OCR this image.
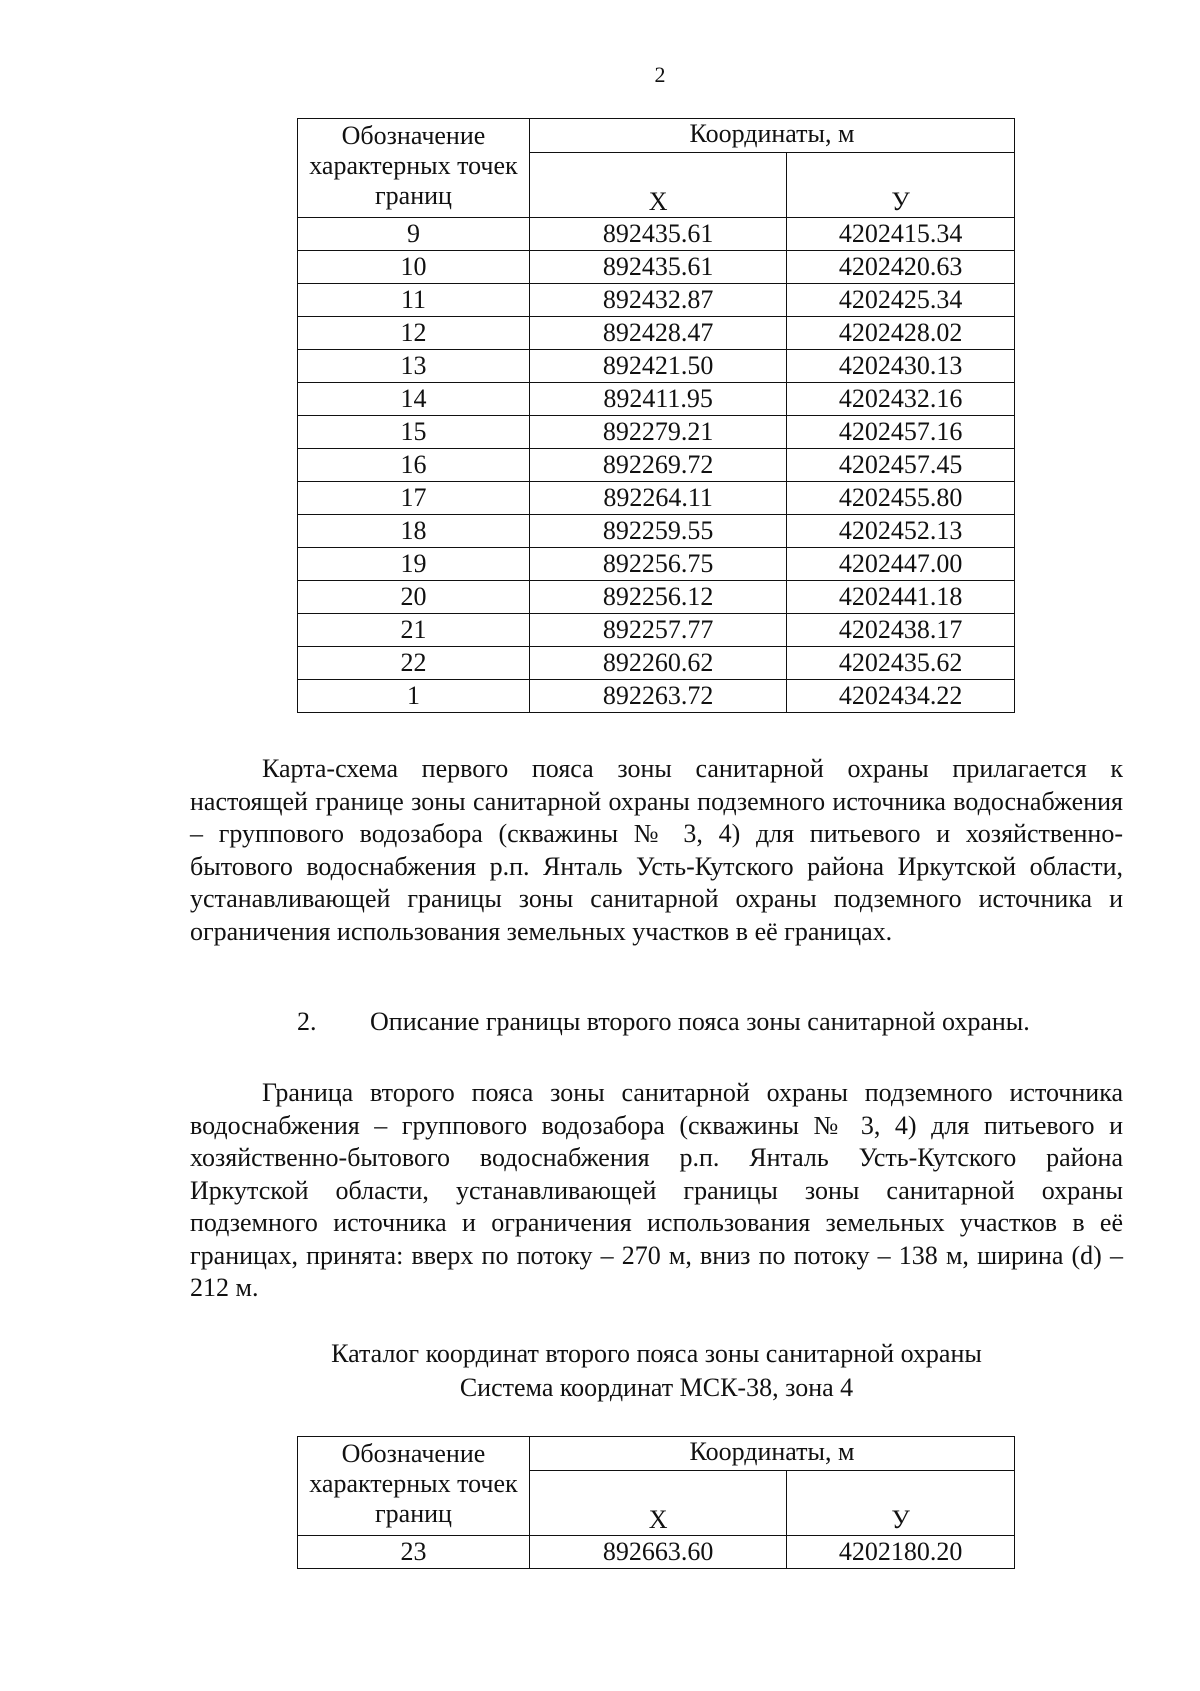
2
Обозначение характерных точек границ	Координаты, м	
	X	У
9	892435.61	4202415.34
10	892435.61	4202420.63
11	892432.87	4202425.34
12	892428.47	4202428.02
13	892421.50	4202430.13
14	892411.95	4202432.16
15	892279.21	4202457.16
16	892269.72	4202457.45
17	892264.11	4202455.80
18	892259.55	4202452.13
19	892256.75	4202447.00
20	892256.12	4202441.18
21	892257.77	4202438.17
22	892260.62	4202435.62
1	892263.72	4202434.22

Карта-схема первого пояса зоны санитарной охраны прилагается к настоящей границе зоны санитарной охраны подземного источника водоснабжения – группового водозабора (скважины № 3, 4) для питьевого и хозяйственно-бытового водоснабжения р.п. Янталь Усть-Кутского района Иркутской области, устанавливающей границы зоны санитарной охраны подземного источника и ограничения использования земельных участков в её границах.

2. Описание границы второго пояса зоны санитарной охраны.

Граница второго пояса зоны санитарной охраны подземного источника водоснабжения – группового водозабора (скважины № 3, 4) для питьевого и хозяйственно-бытового водоснабжения р.п. Янталь Усть-Кутского района Иркутской области, устанавливающей границы зоны санитарной охраны подземного источника и ограничения использования земельных участков в её границах, принята: вверх по потоку – 270 м, вниз по потоку – 138 м, ширина (d) – 212 м.

Каталог координат второго пояса зоны санитарной охраны
Система координат МСК-38, зона 4
Обозначение характерных точек границ	Координаты, м	
	X	У
23	892663.60	4202180.20
